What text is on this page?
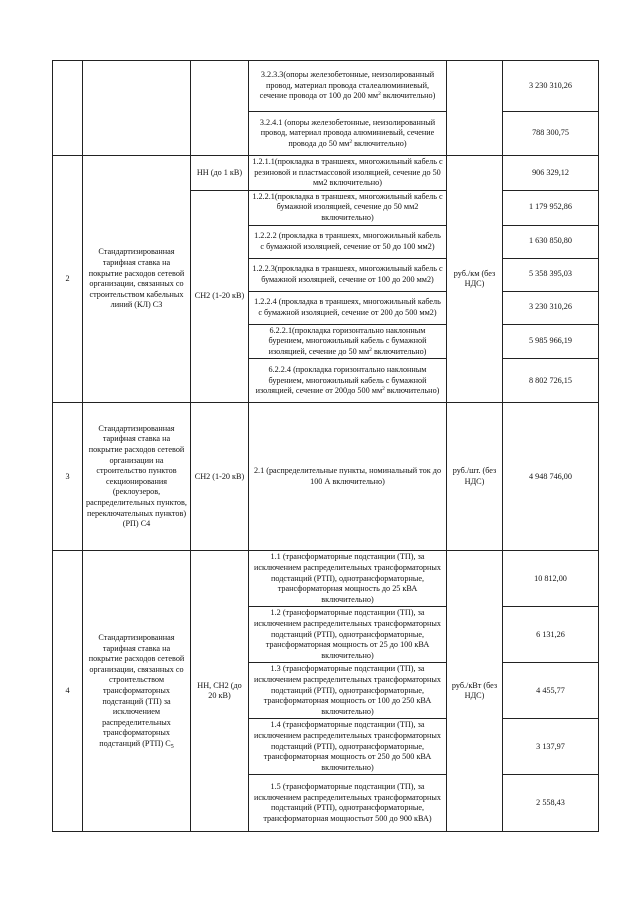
			3.2.3.3(опоры железобетонные, неизолированный провод, материал провода сталеалюминиевый, сечение провода от 100 до 200 $мм^2$ включительно)		3 230 310,26
			3.2.4.1 (опоры железобетонные, неизолированный провод, материал провода алюминиевый, сечение провода до 50 $мм^2$ включительно)		788 300,75
2	Стандартизированная тарифная ставка на покрытие расходов сетевой организации, связанных со строительством кабельных линий (КЛ) С3	НН (до 1 кВ)	1.2.1.1(прокладка в траншеях, многожильный кабель с резиновой и пластмассовой изоляцией, сечение до 50 мм2 включительно)	руб./км (без НДС)	906 329,12
		СН2 (1-20 кВ)	1.2.2.1(прокладка в траншеях, многожильный кабель с бумажной изоляцией, сечение до 50 мм2 включительно)		1 179 952,86
			1.2.2.2 (прокладка в траншеях, многожильный кабель с бумажной изоляцией, сечение от 50 до 100 мм2)		1 630 850,80
			1.2.2.3(прокладка в траншеях, многожильный кабель с бумажной изоляцией, сечение от 100 до 200 мм2)		5 358 395,03
			1.2.2.4 (прокладка в траншеях, многожильный кабель с бумажной изоляцией, сечение от 200 до 500 мм2)		3 230 310,26
			6.2.2.1(прокладка горизонтально наклонным бурением, многожильный кабель с бумажной изоляцией, сечение до 50 $мм^2$ включительно)		5 985 966,19
			6.2.2.4 (прокладка горизонтально наклонным бурением, многожильный кабель с бумажной изоляцией, сечение от 200до 500 $мм^2$ включительно)		8 802 726,15
3	Стандартизированная тарифная ставка на покрытие расходов сетевой организации на строительство пунктов секционирования (реклоузеров, распределительных пунктов, переключательных пунктов) (РП) С4	СН2 (1-20 кВ)	2.1 (распределительные пункты, номинальный ток до 100 А включительно)	руб./шт. (без НДС)	4 948 746,00
4	Стандартизированная тарифная ставка на покрытие расходов сетевой организации, связанных со строительством трансформаторных подстанций (ТП) за исключением распределительных трансформаторных подстанций (РТП) $С_5$	НН, СН2 (до 20 кВ)	1.1 (трансформаторные подстанции (ТП), за исключением распределительных трансформаторных подстанций (РТП), однотрансформаторные, трансформаторная мощность до 25 кВА включительно)	руб./кВт (без НДС)	10 812,00
			1.2 (трансформаторные подстанции (ТП), за исключением распределительных трансформаторных подстанций (РТП), однотрансформаторные, трансформаторная мощность от 25 до 100 кВА включительно)		6 131,26
			1.3 (трансформаторные подстанции (ТП), за исключением распределительных трансформаторных подстанций (РТП), однотрансформаторные, трансформаторная мощность от 100 до 250 кВА включительно)		4 455,77
			1.4 (трансформаторные подстанции (ТП), за исключением распределительных трансформаторных подстанций (РТП), однотрансформаторные, трансформаторная мощность от 250 до 500 кВА включительно)		3 137,97
			1.5 (трансформаторные подстанции (ТП), за исключением распределительных трансформаторных подстанций (РТП), однотрансформаторные, трансформаторная мощностьот 500 до 900 кВА)		2 558,43
